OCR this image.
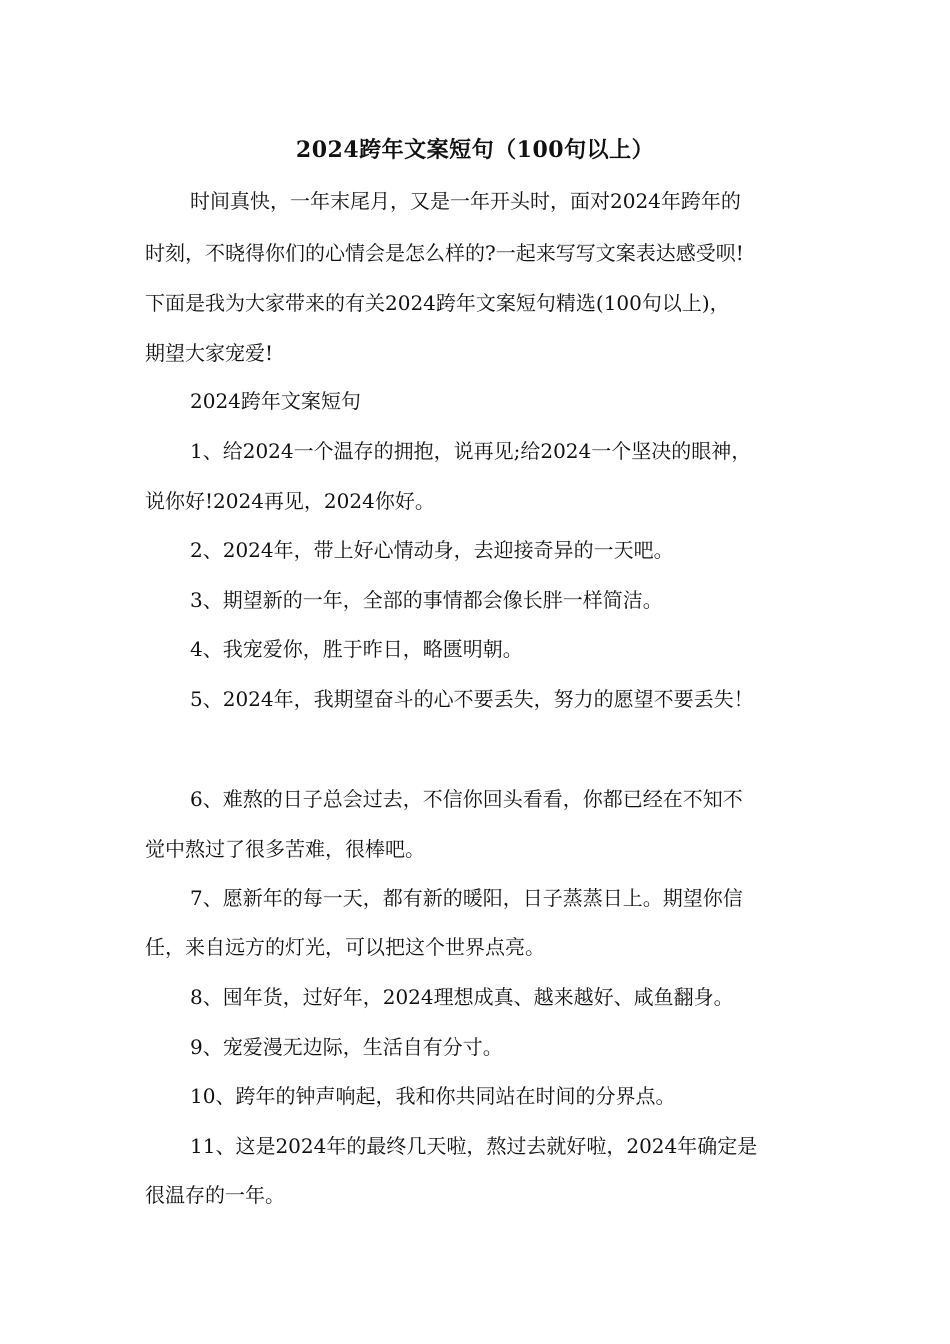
2024跨年文案短句（100句以上）
时间真快，一年末尾月，又是一年开头时，面对2024年跨年的
时刻，不晓得你们的心情会是怎么样的?一起来写写文案表达感受呗!
下面是我为大家带来的有关2024跨年文案短句精选(100句以上)，
期望大家宠爱!
2024跨年文案短句
1、给2024一个温存的拥抱，说再见;给2024一个坚决的眼神，
说你好!2024再见，2024你好。
2、2024年，带上好心情动身，去迎接奇异的一天吧。
3、期望新的一年，全部的事情都会像长胖一样简洁。
4、我宠爱你，胜于昨日，略匮明朝。
5、2024年，我期望奋斗的心不要丢失，努力的愿望不要丢失！
6、难熬的日子总会过去，不信你回头看看，你都已经在不知不
觉中熬过了很多苦难，很棒吧。
7、愿新年的每一天，都有新的暖阳，日子蒸蒸日上。期望你信
任，来自远方的灯光，可以把这个世界点亮。
8、囤年货，过好年，2024理想成真、越来越好、咸鱼翻身。
9、宠爱漫无边际，生活自有分寸。
10、跨年的钟声响起，我和你共同站在时间的分界点。
11、这是2024年的最终几天啦，熬过去就好啦，2024年确定是
很温存的一年。
